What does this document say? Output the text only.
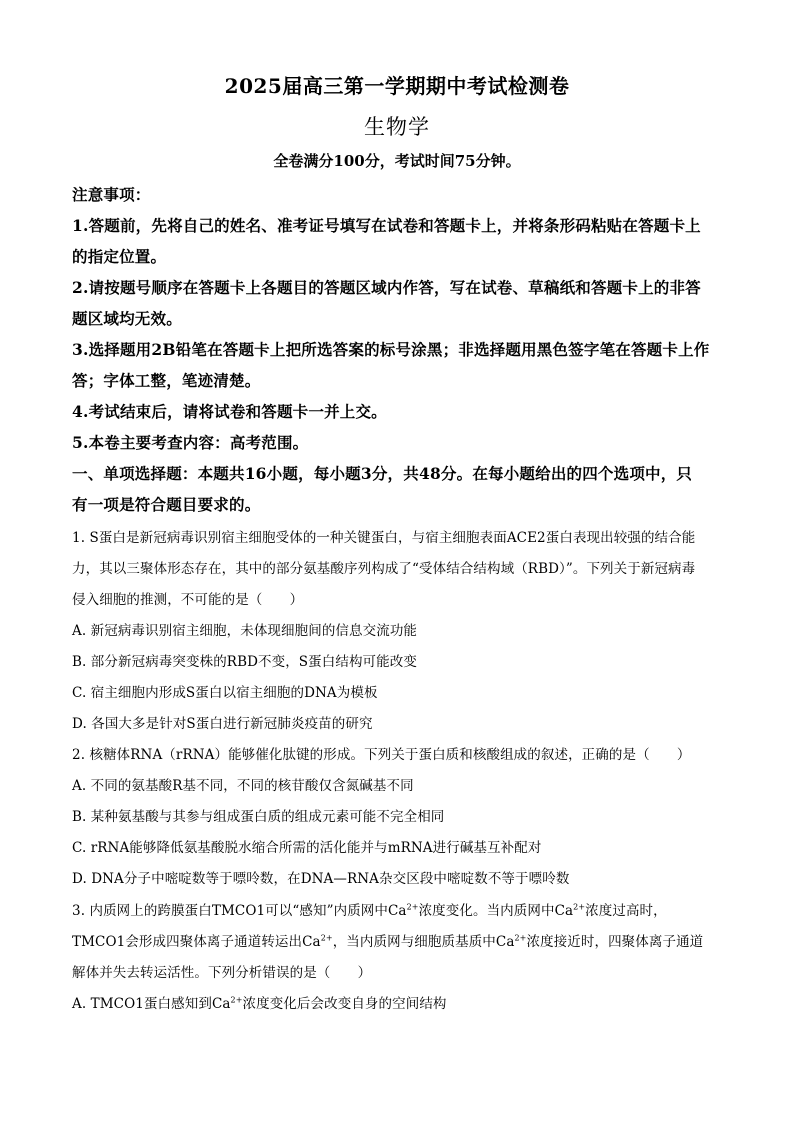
2025届高三第一学期期中考试检测卷
生物学
全卷满分100分，考试时间75分钟。
注意事项：
1.答题前，先将自己的姓名、准考证号填写在试卷和答题卡上，并将条形码粘贴在答题卡上
的指定位置。
2.请按题号顺序在答题卡上各题目的答题区域内作答，写在试卷、草稿纸和答题卡上的非答
题区域均无效。
3.选择题用2B铅笔在答题卡上把所选答案的标号涂黑；非选择题用黑色签字笔在答题卡上作
答；字体工整，笔迹清楚。
4.考试结束后，请将试卷和答题卡一并上交。
5.本卷主要考查内容：高考范围。
一、单项选择题：本题共16小题，每小题3分，共48分。在每小题给出的四个选项中，只
有一项是符合题目要求的。
1. S蛋白是新冠病毒识别宿主细胞受体的一种关键蛋白，与宿主细胞表面ACE2蛋白表现出较强的结合能
力，其以三聚体形态存在，其中的部分氨基酸序列构成了“受体结合结构域（RBD）”。下列关于新冠病毒
侵入细胞的推测，不可能的是（　　）
A. 新冠病毒识别宿主细胞，未体现细胞间的信息交流功能
B. 部分新冠病毒突变株的RBD不变，S蛋白结构可能改变
C. 宿主细胞内形成S蛋白以宿主细胞的DNA为模板
D. 各国大多是针对S蛋白进行新冠肺炎疫苗的研究
2. 核糖体RNA（rRNA）能够催化肽键的形成。下列关于蛋白质和核酸组成的叙述，正确的是（　　）
A. 不同的氨基酸R基不同，不同的核苷酸仅含氮碱基不同
B. 某种氨基酸与其参与组成蛋白质的组成元素可能不完全相同
C. rRNA能够降低氨基酸脱水缩合所需的活化能并与mRNA进行碱基互补配对
D. DNA分子中嘧啶数等于嘌呤数，在DNA—RNA杂交区段中嘧啶数不等于嘌呤数
3. 内质网上的跨膜蛋白TMCO1可以“感知”内质网中$Ca^{2+}$浓度变化。当内质网中$Ca^{2+}$浓度过高时，
TMCO1会形成四聚体离子通道转运出$Ca^{2+}$，当内质网与细胞质基质中$Ca^{2+}$浓度接近时，四聚体离子通道
解体并失去转运活性。下列分析错误的是（　　）
A. TMCO1蛋白感知到$Ca^{2+}$浓度变化后会改变自身的空间结构
